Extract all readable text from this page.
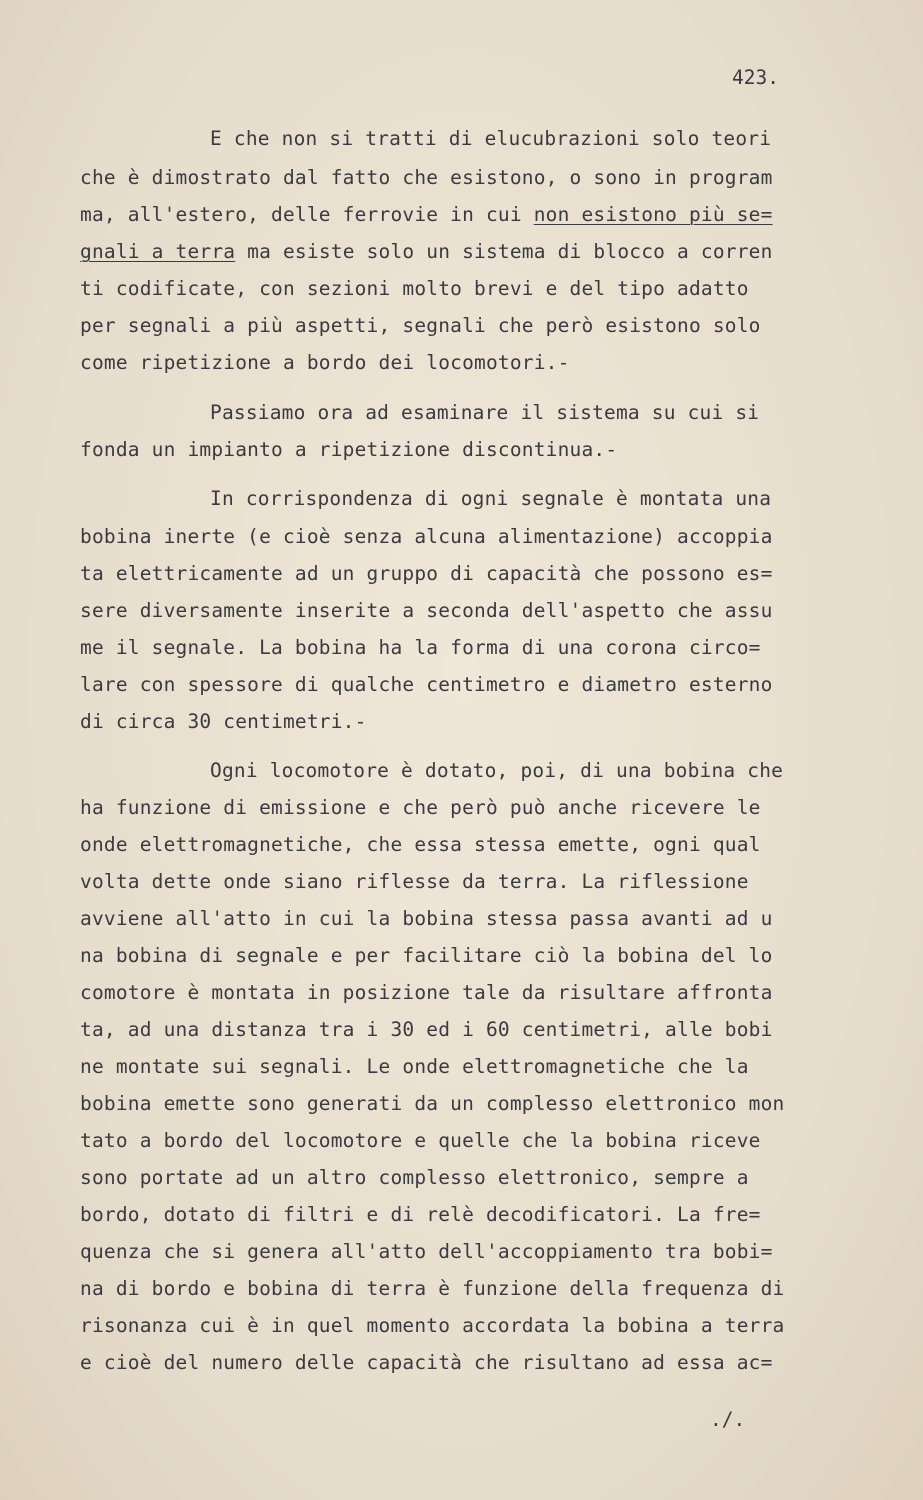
423.
E che non si tratti di elucubrazioni solo teori
che è dimostrato dal fatto che esistono, o sono in program
ma, all'estero, delle ferrovie in cui non esistono più se=
gnali a terra ma esiste solo un sistema di blocco a corren
ti codificate, con sezioni molto brevi e del tipo adatto
per segnali a più aspetti, segnali che però esistono solo
come ripetizione a bordo dei locomotori.-
Passiamo ora ad esaminare il sistema su cui si
fonda un impianto a ripetizione discontinua.-
In corrispondenza di ogni segnale è montata una
bobina inerte (e cioè senza alcuna alimentazione) accoppia
ta elettricamente ad un gruppo di capacità che possono es=
sere diversamente inserite a seconda dell'aspetto che assu
me il segnale. La bobina ha la forma di una corona circo=
lare con spessore di qualche centimetro e diametro esterno
di circa 30 centimetri.-
Ogni locomotore è dotato, poi, di una bobina che
ha funzione di emissione e che però può anche ricevere le
onde elettromagnetiche, che essa stessa emette, ogni qual
volta dette onde siano riflesse da terra. La riflessione
avviene all'atto in cui la bobina stessa passa avanti ad u
na bobina di segnale e per facilitare ciò la bobina del lo
comotore è montata in posizione tale da risultare affronta
ta, ad una distanza tra i 30 ed i 60 centimetri, alle bobi
ne montate sui segnali. Le onde elettromagnetiche che la
bobina emette sono generati da un complesso elettronico mon
tato a bordo del locomotore e quelle che la bobina riceve
sono portate ad un altro complesso elettronico, sempre a
bordo, dotato di filtri e di relè decodificatori. La fre=
quenza che si genera all'atto dell'accoppiamento tra bobi=
na di bordo e bobina di terra è funzione della frequenza di
risonanza cui è in quel momento accordata la bobina a terra
e cioè del numero delle capacità che risultano ad essa ac=
./.
